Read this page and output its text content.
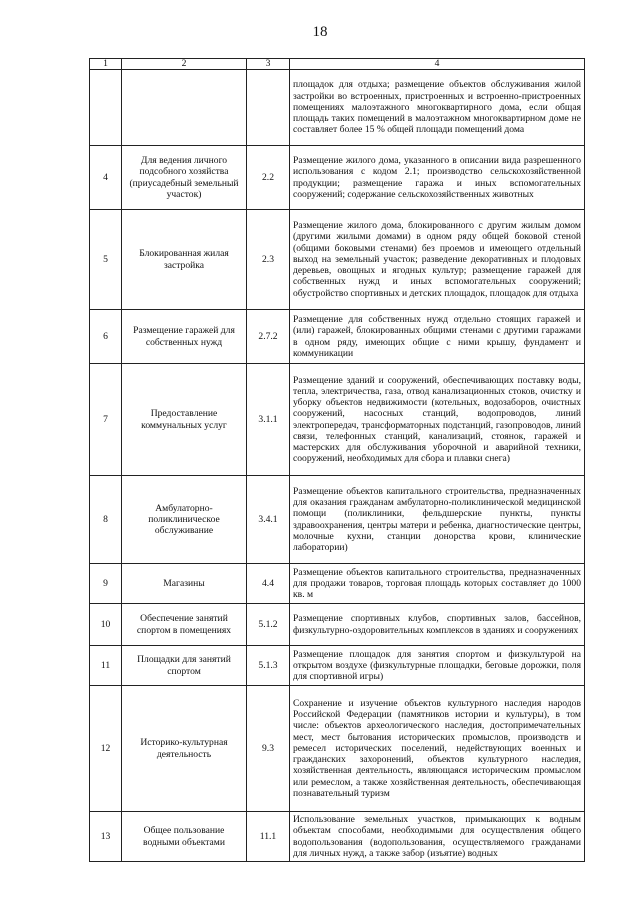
18
1	2	3	4
			площадок для отдыха; размещение объектов обслуживания жилой застройки во встроенных, пристроенных и встроенно-пристроенных помещениях малоэтажного многоквартирного дома, если общая площадь таких помещений в малоэтажном многоквартирном доме не составляет более 15 % общей площади помещений дома
4	Для ведения личного подсобного хозяйства (приусадебный земельный участок)	2.2	Размещение жилого дома, указанного в описании вида разрешенного использования с кодом 2.1; производство сельскохозяйственной продукции; размещение гаража и иных вспомогательных сооружений; содержание сельскохозяйственных животных
5	Блокированная жилая застройка	2.3	Размещение жилого дома, блокированного с другим жилым домом (другими жилыми домами) в одном ряду общей боковой стеной (общими боковыми стенами) без проемов и имеющего отдельный выход на земельный участок; разведение декоративных и плодовых деревьев, овощных и ягодных культур; размещение гаражей для собственных нужд и иных вспомогательных сооружений; обустройство спортивных и детских площадок, площадок для отдыха
6	Размещение гаражей для собственных нужд	2.7.2	Размещение для собственных нужд отдельно стоящих гаражей и (или) гаражей, блокированных общими стенами с другими гаражами в одном ряду, имеющих общие с ними крышу, фундамент и коммуникации
7	Предоставление коммунальных услуг	3.1.1	Размещение зданий и сооружений, обеспечивающих поставку воды, тепла, электричества, газа, отвод канализационных стоков, очистку и уборку объектов недвижимости (котельных, водозаборов, очистных сооружений, насосных станций, водопроводов, линий электропередач, трансформаторных подстанций, газопроводов, линий связи, телефонных станций, канализаций, стоянок, гаражей и мастерских для обслуживания уборочной и аварийной техники, сооружений, необходимых для сбора и плавки снега)
8	Амбулаторно-поликлиническое обслуживание	3.4.1	Размещение объектов капитального строительства, предназначенных для оказания гражданам амбулаторно-поликлинической медицинской помощи (поликлиники, фельдшерские пункты, пункты здравоохранения, центры матери и ребенка, диагностические центры, молочные кухни, станции донорства крови, клинические лаборатории)
9	Магазины	4.4	Размещение объектов капитального строительства, предназначенных для продажи товаров, торговая площадь которых составляет до 1000 кв. м
10	Обеспечение занятий спортом в помещениях	5.1.2	Размещение спортивных клубов, спортивных залов, бассейнов, физкультурно-оздоровительных комплексов в зданиях и сооружениях
11	Площадки для занятий спортом	5.1.3	Размещение площадок для занятия спортом и физкультурой на открытом воздухе (физкультурные площадки, беговые дорожки, поля для спортивной игры)
12	Историко-культурная деятельность	9.3	Сохранение и изучение объектов культурного наследия народов Российской Федерации (памятников истории и культуры), в том числе: объектов археологического наследия, достопримечательных мест, мест бытования исторических промыслов, производств и ремесел исторических поселений, недействующих военных и гражданских захоронений, объектов культурного наследия, хозяйственная деятельность, являющаяся историческим промыслом или ремеслом, а также хозяйственная деятельность, обеспечивающая познавательный туризм
13	Общее пользование водными объектами	11.1	Использование земельных участков, примыкающих к водным объектам способами, необходимыми для осуществления общего водопользования (водопользования, осуществляемого гражданами для личных нужд, а также забор (изъятие) водных
